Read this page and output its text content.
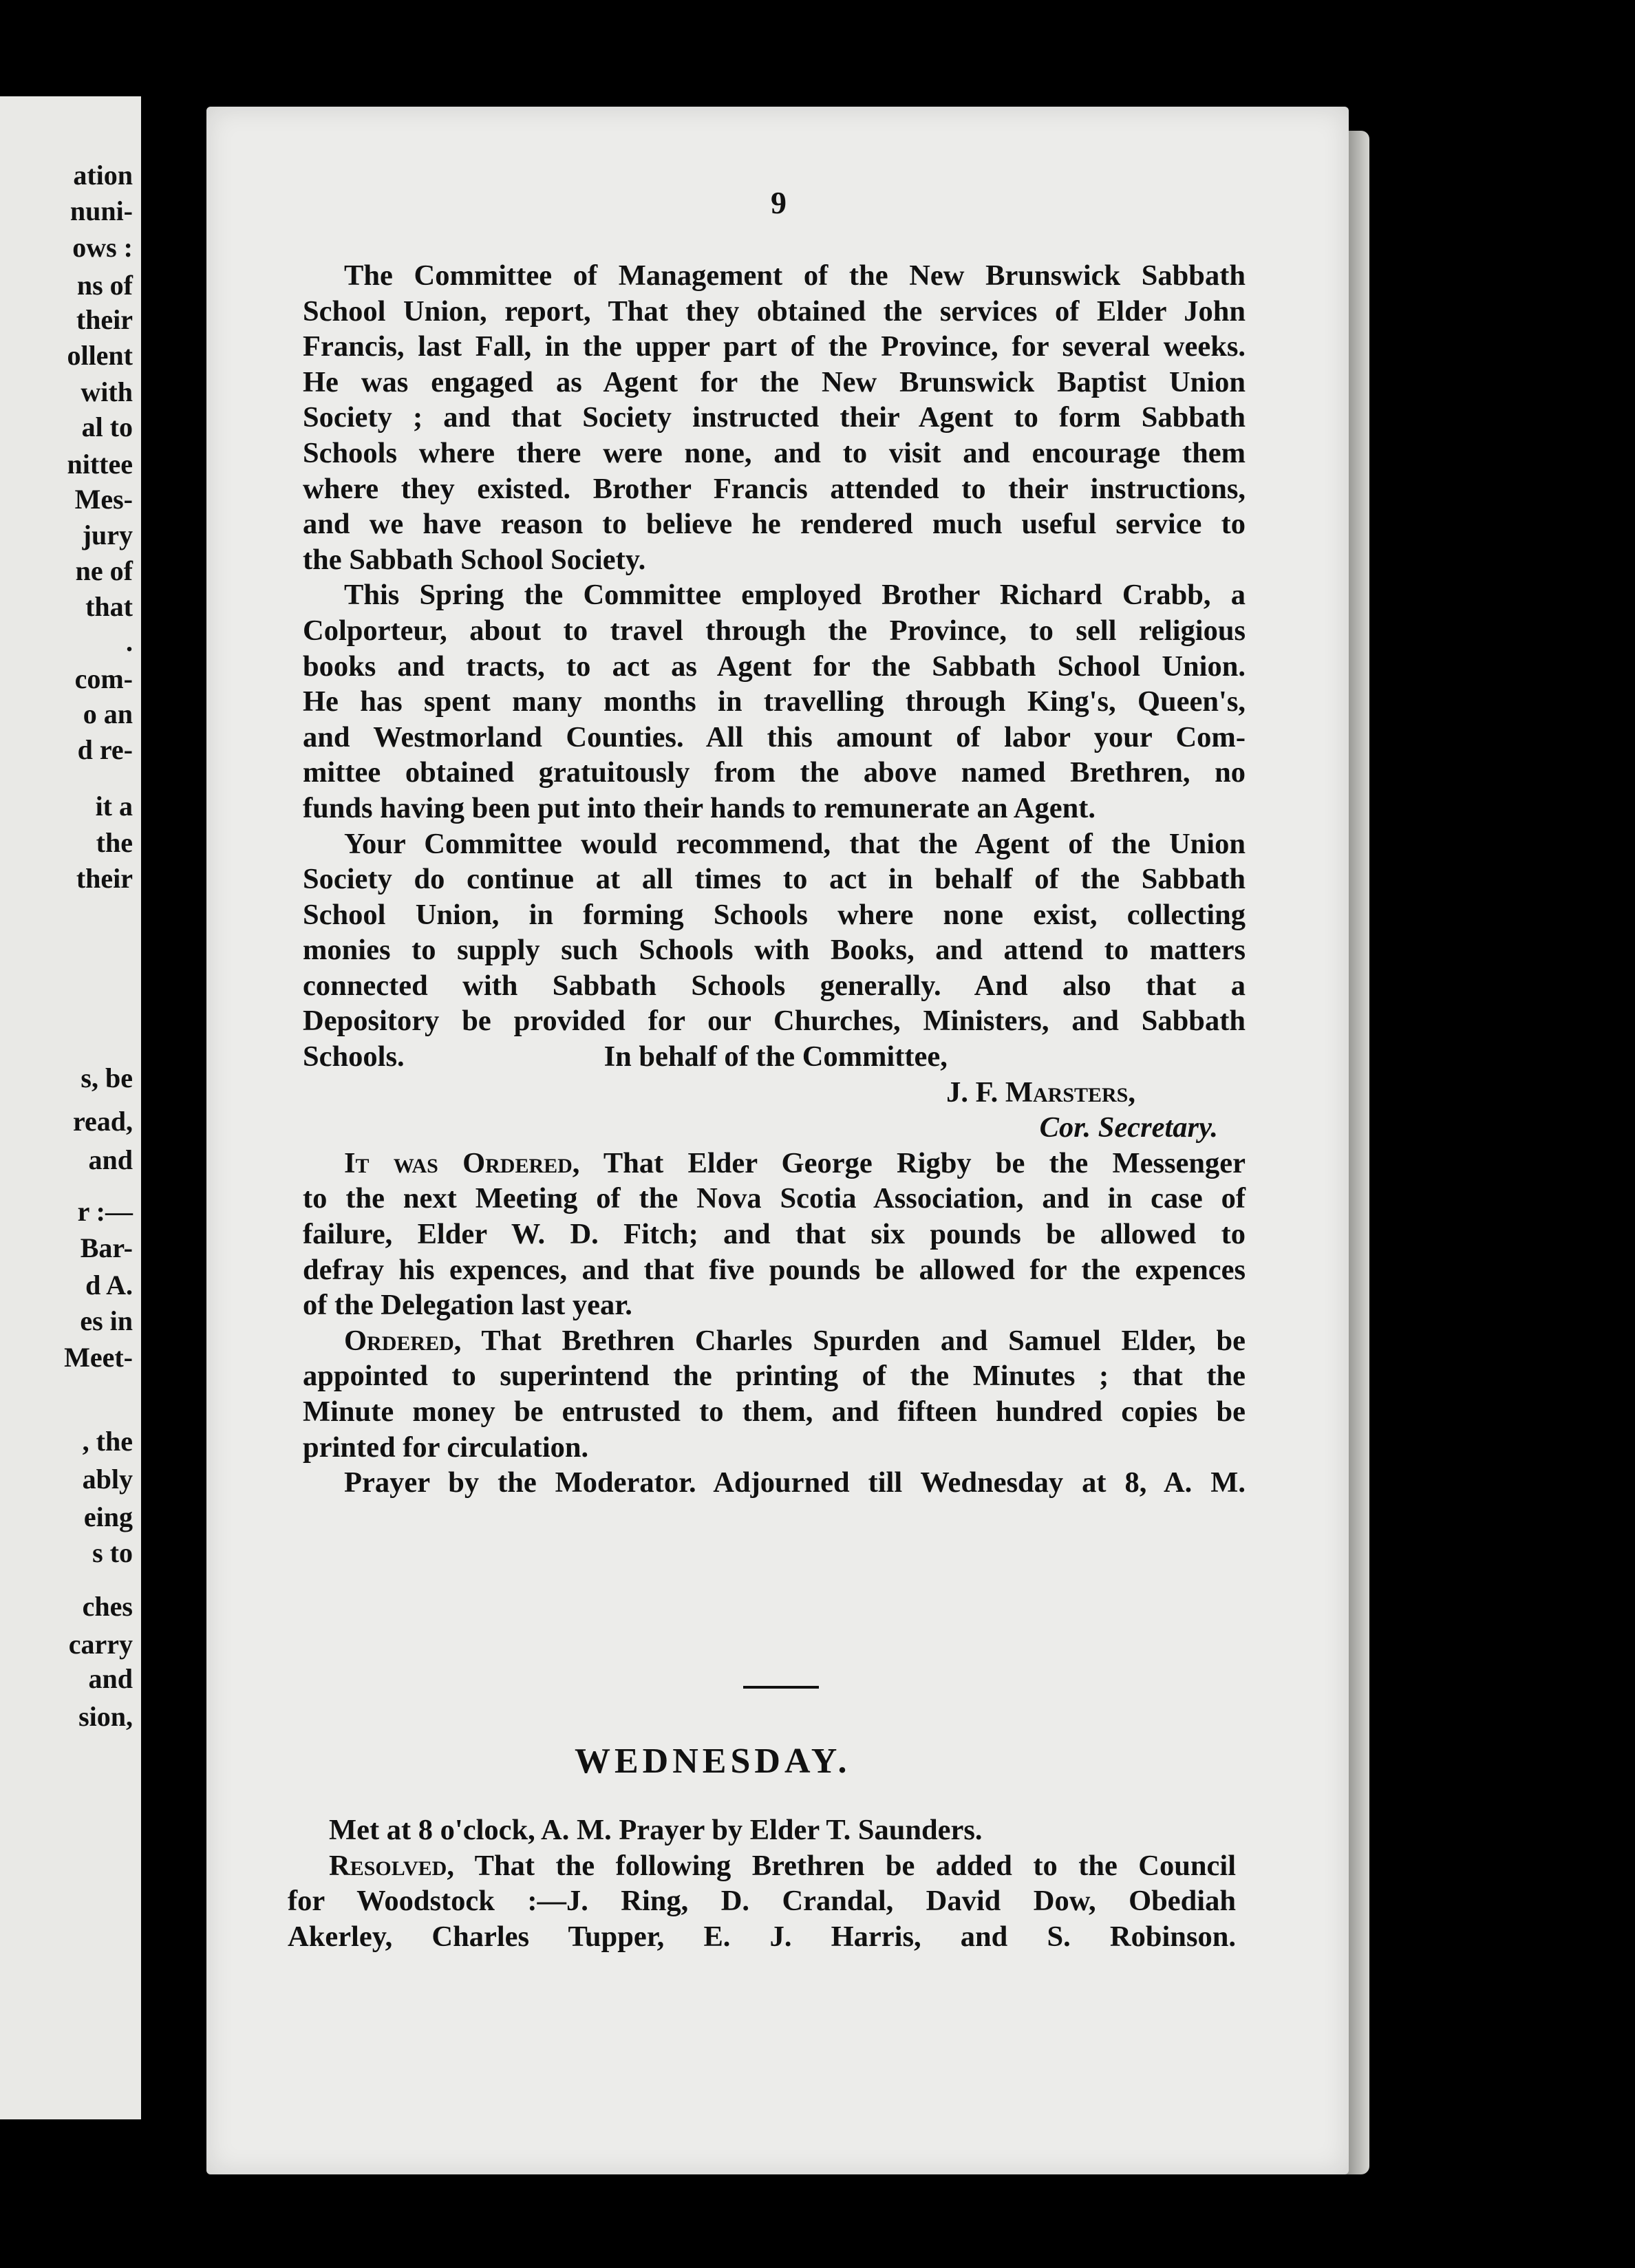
ation
nuni-
ows :
ns of
their
ollent
with
al to
nittee
Mes-
jury
ne of
that
.
com-
o an
d re-
it a
the
their
s, be
read,
and
r :—
Bar-
d A.
es in
Meet-
, the
ably
eing
s to
ches
carry
and
sion,
9
The Committee of Management of the New Brunswick Sabbath
School Union, report, That they obtained the services of Elder John
Francis, last Fall, in the upper part of the Province, for several weeks.
He was engaged as Agent for the New Brunswick Baptist Union
Society ; and that Society instructed their Agent to form Sabbath
Schools where there were none, and to visit and encourage them
where they existed. Brother Francis attended to their instructions,
and we have reason to believe he rendered much useful service to
the Sabbath School Society.
This Spring the Committee employed Brother Richard Crabb, a
Colporteur, about to travel through the Province, to sell religious
books and tracts, to act as Agent for the Sabbath School Union.
He has spent many months in travelling through King's, Queen's,
and Westmorland Counties. All this amount of labor your Com-
mittee obtained gratuitously from the above named Brethren, no
funds having been put into their hands to remunerate an Agent.
Your Committee would recommend, that the Agent of the Union
Society do continue at all times to act in behalf of the Sabbath
School Union, in forming Schools where none exist, collecting
monies to supply such Schools with Books, and attend to matters
connected with Sabbath Schools generally. And also that a
Depository be provided for our Churches, Ministers, and Sabbath
Schools.	In behalf of the Committee,
J. F. Marsters,
Cor. Secretary.
It was Ordered, That Elder George Rigby be the Messenger
to the next Meeting of the Nova Scotia Association, and in case of
failure, Elder W. D. Fitch; and that six pounds be allowed to
defray his expences, and that five pounds be allowed for the expences
of the Delegation last year.
Ordered, That Brethren Charles Spurden and Samuel Elder, be
appointed to superintend the printing of the Minutes ; that the
Minute money be entrusted to them, and fifteen hundred copies be
printed for circulation.
Prayer by the Moderator. Adjourned till Wednesday at 8, A. M.
WEDNESDAY.
Met at 8 o'clock, A. M. Prayer by Elder T. Saunders.
Resolved, That the following Brethren be added to the Council
for Woodstock :—J. Ring, D. Crandal, David Dow, Obediah
Akerley, Charles Tupper, E. J. Harris, and S. Robinson.
